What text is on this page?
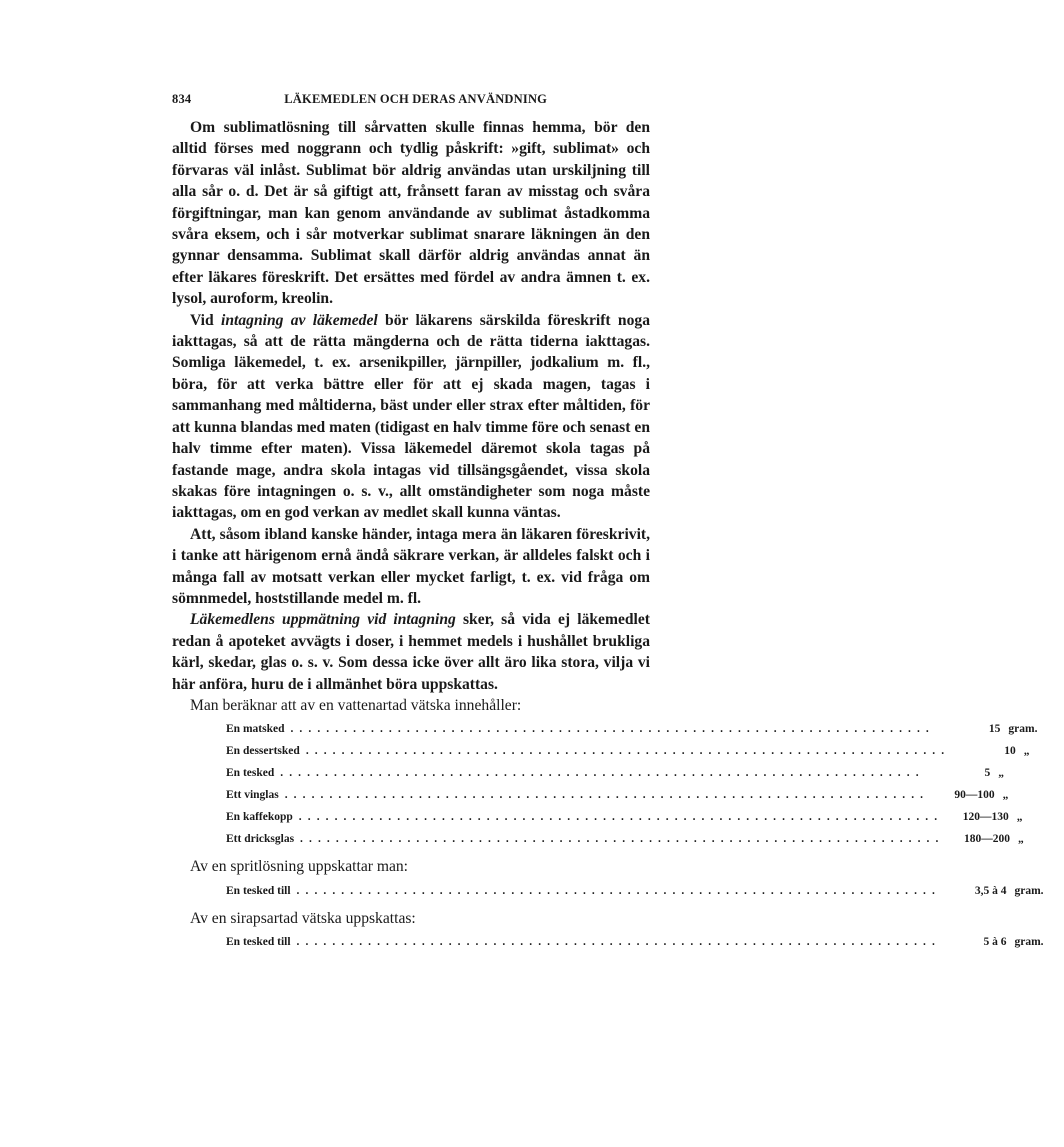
834	LÄKEMEDLEN OCH DERAS ANVÄNDNING

Om sublimatlösning till sårvatten skulle finnas hemma, bör den alltid förses med noggrann och tydlig påskrift: »gift, sublimat» och förvaras väl inlåst. Sublimat bör aldrig användas utan urskiljning till alla sår o. d. Det är så giftigt att, frånsett faran av misstag och svåra förgiftningar, man kan genom användande av sublimat åstadkomma svåra eksem, och i sår motverkar sublimat snarare läkningen än den gynnar densamma. Sublimat skall därför aldrig användas annat än efter läkares föreskrift. Det ersättes med fördel av andra ämnen t. ex. lysol, auroform, kreolin.

Vid intagning av läkemedel bör läkarens särskilda föreskrift noga iakttagas, så att de rätta mängderna och de rätta tiderna iakttagas. Somliga läkemedel, t. ex. arsenikpiller, järnpiller, jodkalium m. fl., böra, för att verka bättre eller för att ej skada magen, tagas i sammanhang med måltiderna, bäst under eller strax efter måltiden, för att kunna blandas med maten (tidigast en halv timme före och senast en halv timme efter maten). Vissa läkemedel däremot skola tagas på fastande mage, andra skola intagas vid tillsängsgåendet, vissa skola skakas före intagningen o. s. v., allt omständigheter som noga måste iakttagas, om en god verkan av medlet skall kunna väntas.

Att, såsom ibland kanske händer, intaga mera än läkaren föreskrivit, i tanke att härigenom ernå ändå säkrare verkan, är alldeles falskt och i många fall av motsatt verkan eller mycket farligt, t. ex. vid fråga om sömnmedel, hoststillande medel m. fl.

Läkemedlens uppmätning vid intagning sker, så vida ej läkemedlet redan å apoteket avvägts i doser, i hemmet medels i hushållet brukliga kärl, skedar, glas o. s. v. Som dessa icke över allt äro lika stora, vilja vi här anföra, huru de i allmänhet böra uppskattas.

Man beräknar att av en vattenartad vätska innehåller:

En matsked . . . . . . . . . . . . . . . . . . . . . . . . . . . . . . . . . . . . . . . . . . . . . . . . . . . . . . . . . . . . . . . . . . . . . . . .	15 gram.
En dessertsked . . . . . . . . . . . . . . . . . . . . . . . . . . . . . . . . . . . . . . . . . . . . . . . . . . . . . . . . . . . . . . . . . . . . . . . .	10 „
En tesked . . . . . . . . . . . . . . . . . . . . . . . . . . . . . . . . . . . . . . . . . . . . . . . . . . . . . . . . . . . . . . . . . . . . . . . .	5 „
Ett vinglas . . . . . . . . . . . . . . . . . . . . . . . . . . . . . . . . . . . . . . . . . . . . . . . . . . . . . . . . . . . . . . . . . . . . . . . .	90—100 „
En kaffekopp . . . . . . . . . . . . . . . . . . . . . . . . . . . . . . . . . . . . . . . . . . . . . . . . . . . . . . . . . . . . . . . . . . . . . . . .	120—130 „
Ett dricksglas . . . . . . . . . . . . . . . . . . . . . . . . . . . . . . . . . . . . . . . . . . . . . . . . . . . . . . . . . . . . . . . . . . . . . . . .	180—200 „

Av en spritlösning uppskattar man:

En tesked till . . . . . . . . . . . . . . . . . . . . . . . . . . . . . . . . . . . . . . . . . . . . . . . . . . . . . . . . . . . . . . . . . . . . . . . .	3,5 à 4 gram.

Av en sirapsartad vätska uppskattas:

En tesked till . . . . . . . . . . . . . . . . . . . . . . . . . . . . . . . . . . . . . . . . . . . . . . . . . . . . . . . . . . . . . . . . . . . . . . . .	5 à 6 gram.
